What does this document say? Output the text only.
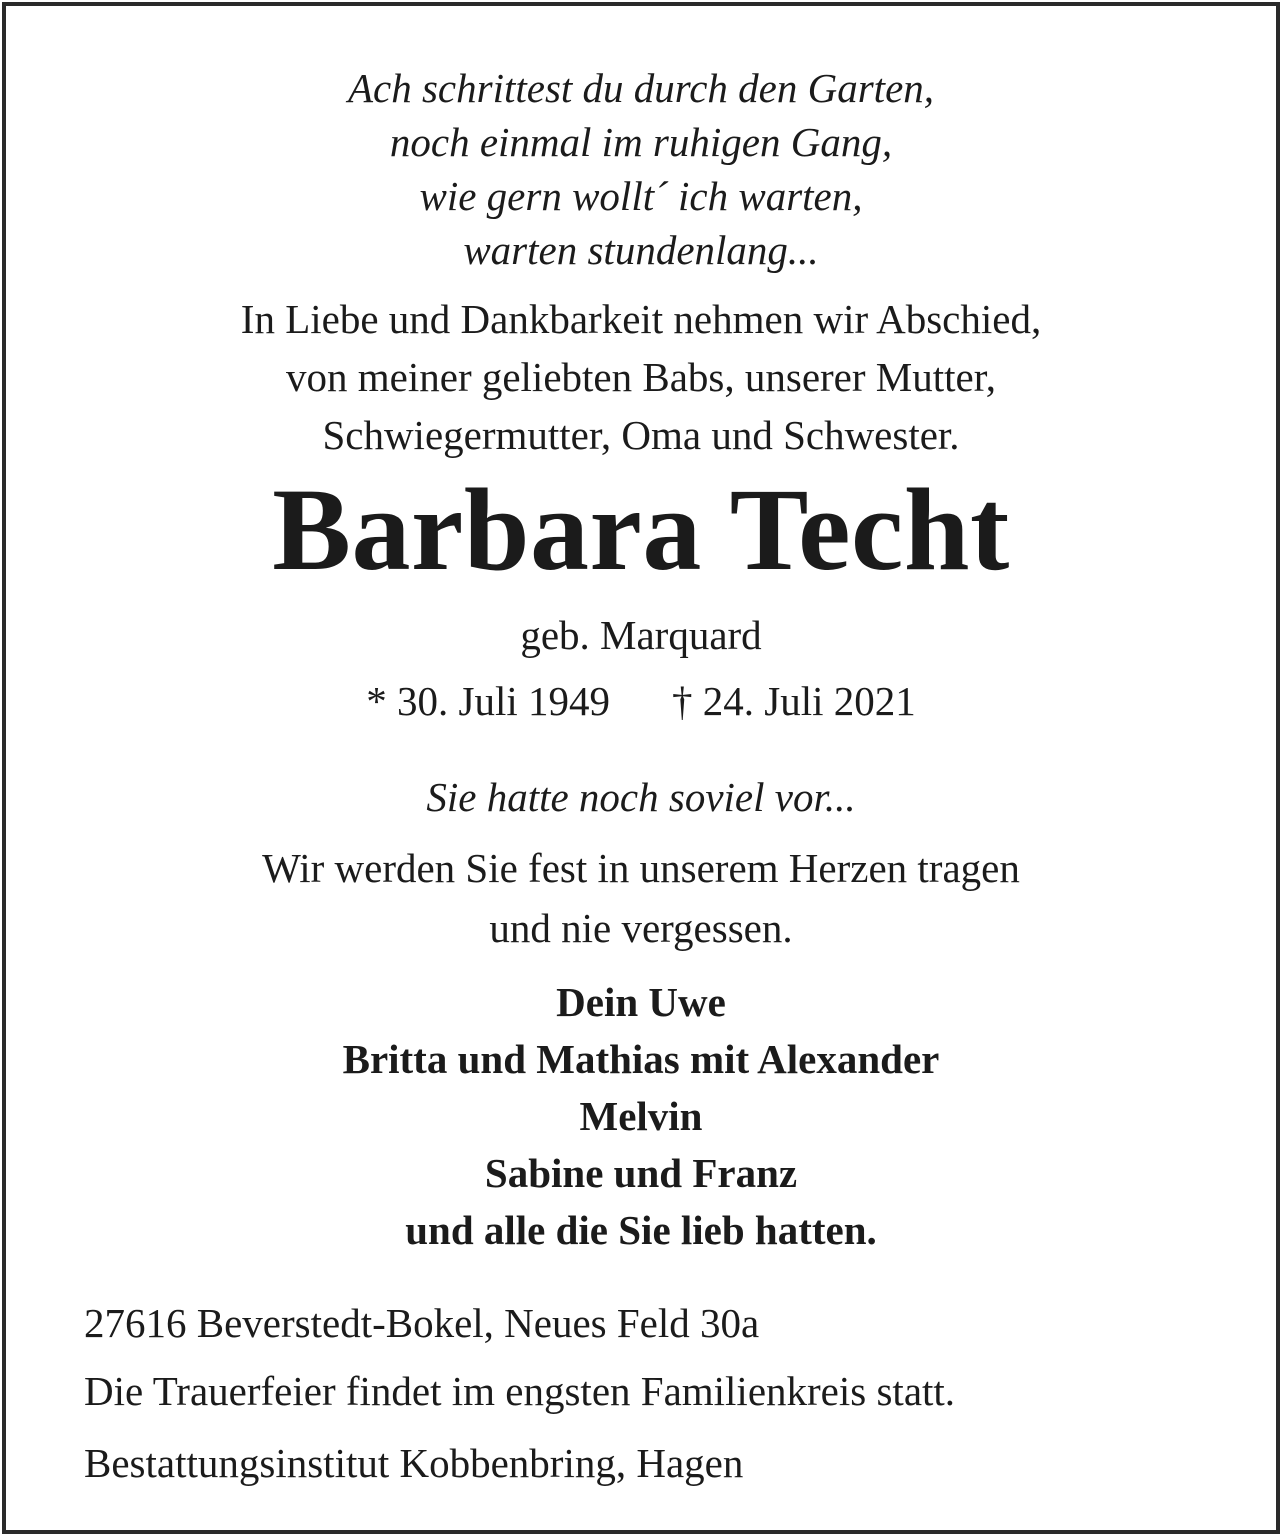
Ach schrittest du durch den Garten,
noch einmal im ruhigen Gang,
wie gern wollt´ ich warten,
warten stundenlang...
In Liebe und Dankbarkeit nehmen wir Abschied,
von meiner geliebten Babs, unserer Mutter,
Schwiegermutter, Oma und Schwester.
Barbara Techt
geb. Marquard
* 30. Juli 1949 † 24. Juli 2021
Sie hatte noch soviel vor...
Wir werden Sie fest in unserem Herzen tragen
und nie vergessen.
Dein Uwe
Britta und Mathias mit Alexander
Melvin
Sabine und Franz
und alle die Sie lieb hatten.
27616 Beverstedt-Bokel, Neues Feld 30a
Die Trauerfeier findet im engsten Familienkreis statt.
Bestattungsinstitut Kobbenbring, Hagen
